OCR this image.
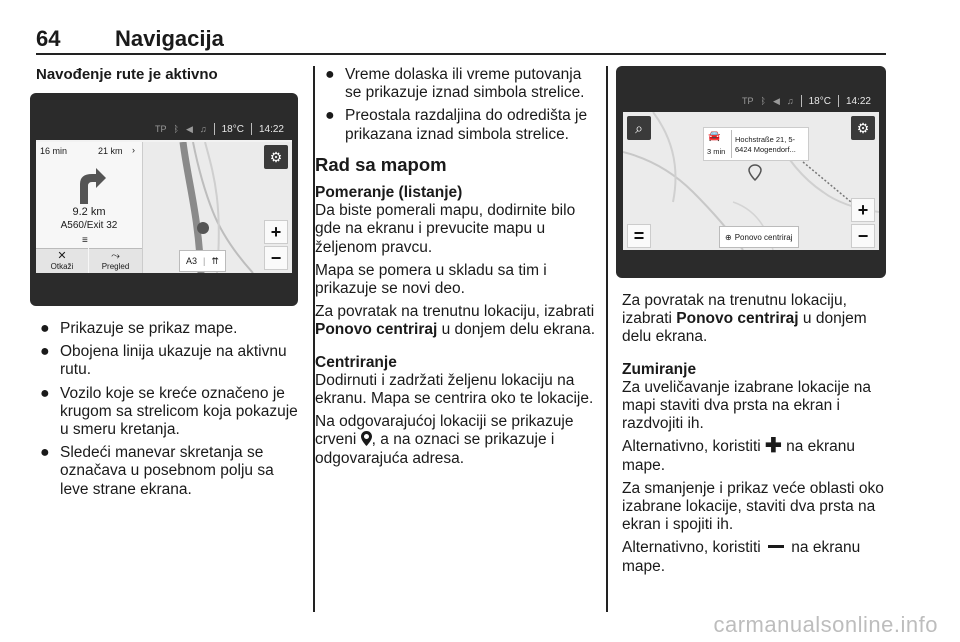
64 Navigacija
Navođenje rute je aktivno
TP ᛒ ◀ ♫ 18°C 14:22
16 min	21 km ›
9.2 km
A560/Exit 32
≡
✕
Otkaži
⤳
Pregled
⚙
+
−
A3 | ⇈
● Prikazuje se prikaz mape.
● Obojena linija ukazuje na aktivnu rutu.
● Vozilo koje se kreće označeno je krugom sa strelicom koja pokazuje u smeru kretanja.
● Sledeći manevar skretanja se označava u posebnom polju sa leve strane ekrana.
● Vreme dolaska ili vreme putovanja se prikazuje iznad simbola strelice.
● Preostala razdaljina do odredišta je prikazana iznad simbola strelice.
Rad sa mapom
Pomeranje (listanje)

Da biste pomerali mapu, dodirnite bilo gde na ekranu i prevucite mapu u željenom pravcu.

Mapa se pomera u skladu sa tim i prikazuje se novi deo.

Za povratak na trenutnu lokaciju, izabrati Ponovo centriraj u donjem delu ekrana.

Centriranje

Dodirnuti i zadržati željenu lokaciju na ekranu. Mapa se centrira oko te lokacije.

Na odgovarajućoj lokaciji se prikazuje crveni , a na oznaci se prikazuje i odgovarajuća adresa.

TP ᛒ ◀ ♫ 18°C 14:22
⌕	⚙
🚘
3 min
Hochstraße 21, 5-
6424 Mogendorf...
+
−
=	⊕ Ponovo centriraj

Za povratak na trenutnu lokaciju, izabrati Ponovo centriraj u donjem delu ekrana.

Zumiranje

Za uveličavanje izabrane lokacije na mapi staviti dva prsta na ekran i razdvojiti ih.

Alternativno, koristiti ✚ na ekranu mape.

Za smanjenje i prikaz veće oblasti oko izabrane lokacije, staviti dva prsta na ekran i spojiti ih.

Alternativno, koristiti  na ekranu mape.

carmanualsonline.info
